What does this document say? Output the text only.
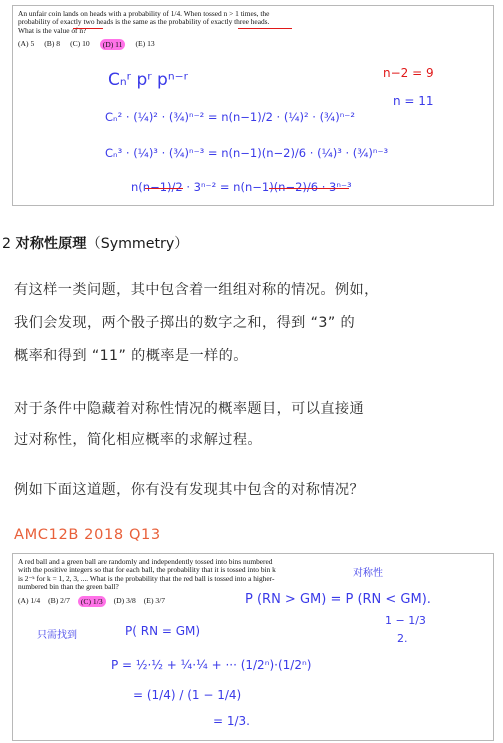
An unfair coin lands on heads with a probability of 1/4. When tossed n > 1 times, the
probability of exactly two heads is the same as the probability of exactly three heads.
What is the value of n?
(A) 5 (B) 8 (C) 10	(D) 11	(E) 13
Cₙʳ pʳ pⁿ⁻ʳ	n−2 = 9
n = 11
Cₙ² · (¼)² · (¾)ⁿ⁻² = n(n−1)/2 · (¼)² · (¾)ⁿ⁻²
Cₙ³ · (¼)³ · (¾)ⁿ⁻³ = n(n−1)(n−2)/6 · (¼)³ · (¾)ⁿ⁻³
n(n−1)/2 · 3ⁿ⁻² = n(n−1)(n−2)/6 · 3ⁿ⁻³
2 对称性原理（Symmetry）
有这样一类问题，其中包含着一组组对称的情况。例如，
我们会发现，两个骰子掷出的数字之和，得到 “3” 的
概率和得到 “11” 的概率是一样的。
对于条件中隐藏着对称性情况的概率题目，可以直接通
过对称性，简化相应概率的求解过程。
例如下面这道题，你有没有发现其中包含的对称情况？
AMC12B 2018 Q13
A red ball and a green ball are randomly and independently tossed into bins numbered
with the positive integers so that for each ball, the probability that it is tossed into bin k
is 2⁻ᵏ for k = 1, 2, 3, .... What is the probability that the red ball is tossed into a higher-
numbered bin than the green ball?
(A) 1/4 (B) 2/7	(C) 1/3	(D) 3/8 (E) 3/7
对称性
P (RN > GM) = P (RN < GM).
1 − 1/3
2.
只需找到	P( RN = GM)
P = ½·½ + ¼·¼ + ··· (1/2ⁿ)·(1/2ⁿ)
= (1/4) / (1 − 1/4)
= 1/3.
